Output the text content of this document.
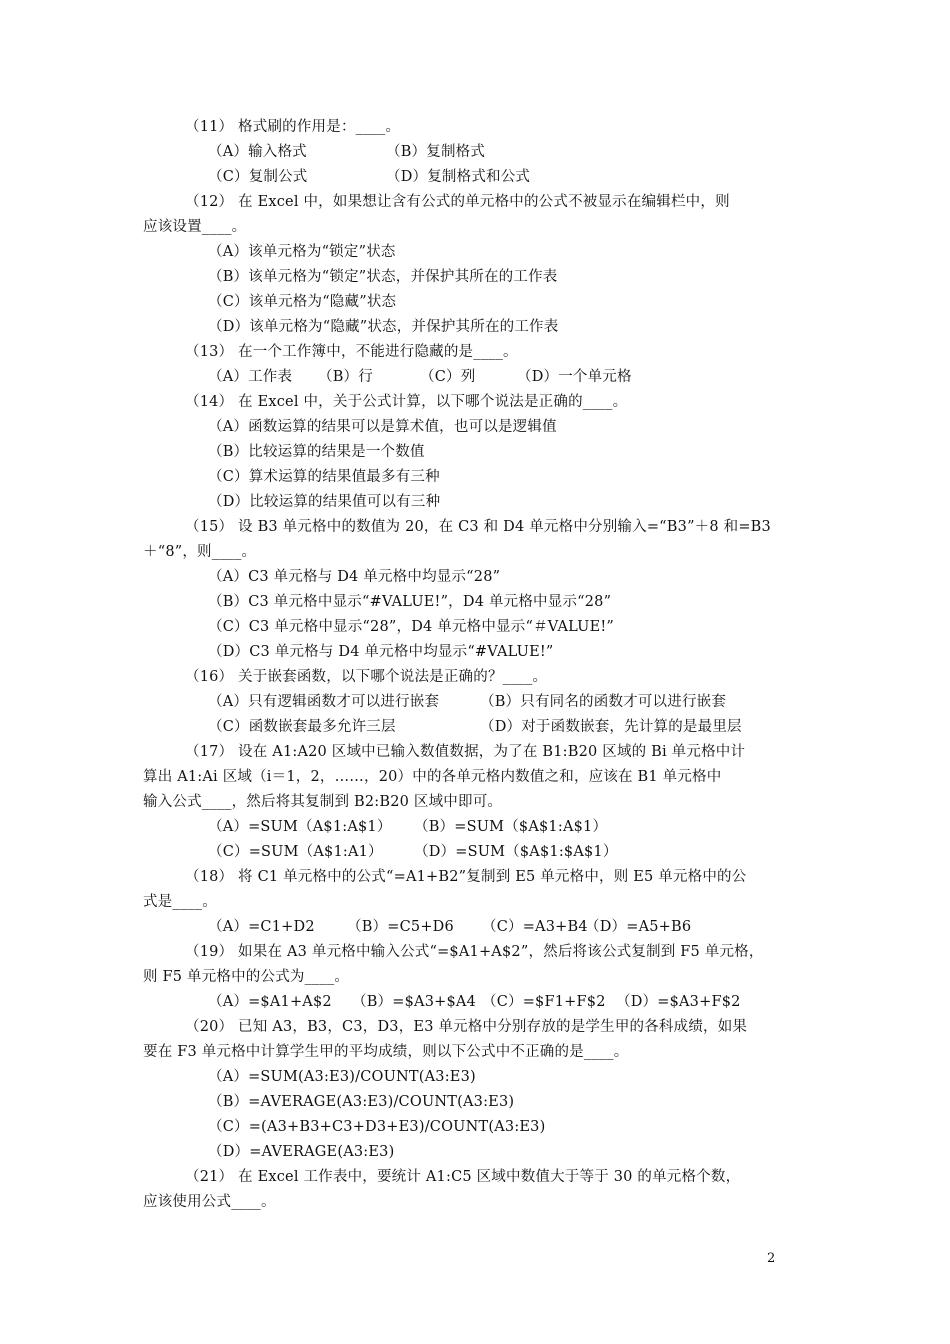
2
（11） 格式刷的作用是：____。
（A）输入格式	（B）复制格式
（C）复制公式	（D）复制格式和公式
（12） 在 Excel 中，如果想让含有公式的单元格中的公式不被显示在编辑栏中，则
应该设置____。
（A）该单元格为“锁定”状态
（B）该单元格为“锁定”状态，并保护其所在的工作表
（C）该单元格为“隐藏”状态
（D）该单元格为“隐藏”状态，并保护其所在的工作表
（13） 在一个工作簿中，不能进行隐藏的是____。
（A）工作表 （B）行	（C）列	（D）一个单元格
（14） 在 Excel 中，关于公式计算，以下哪个说法是正确的____。
（A）函数运算的结果可以是算术值，也可以是逻辑值
（B）比较运算的结果是一个数值
（C）算术运算的结果值最多有三种
（D）比较运算的结果值可以有三种
（15） 设 B3 单元格中的数值为 20，在 C3 和 D4 单元格中分别输入=“B3”＋8 和=B3
＋“8”，则____。
（A）C3 单元格与 D4 单元格中均显示“28”
（B）C3 单元格中显示“#VALUE!”，D4 单元格中显示“28”
（C）C3 单元格中显示“28”，D4 单元格中显示“＃VALUE!”
（D）C3 单元格与 D4 单元格中均显示“#VALUE!”
（16） 关于嵌套函数，以下哪个说法是正确的？____。
（A）只有逻辑函数才可以进行嵌套	（B）只有同名的函数才可以进行嵌套
（C）函数嵌套最多允许三层	（D）对于函数嵌套，先计算的是最里层
（17） 设在 A1:A20 区域中已输入数值数据，为了在 B1:B20 区域的 Bi 单元格中计
算出 A1:Ai 区域（i＝1，2，……，20）中的各单元格内数值之和，应该在 B1 单元格中
输入公式____，然后将其复制到 B2:B20 区域中即可。
（A）=SUM（A$1:A$1） （B）=SUM（$A$1:A$1）
（C）=SUM（A$1:A1） （D）=SUM（$A$1:$A$1）
（18） 将 C1 单元格中的公式“=A1+B2”复制到 E5 单元格中，则 E5 单元格中的公
式是____。
（A）=C1+D2 （B）=C5+D6 （C）=A3+B4
（D）=A5+B6
（19） 如果在 A3 单元格中输入公式“=$A1+A$2”，然后将该公式复制到 F5 单元格，
则 F5 单元格中的公式为____。
（A）=$A1+A$2 （B）=$A3+$A4 （C）=$F1+F$2 （D）=$A3+F$2
（20） 已知 A3，B3，C3，D3，E3 单元格中分别存放的是学生甲的各科成绩，如果
要在 F3 单元格中计算学生甲的平均成绩，则以下公式中不正确的是____。
（A）=SUM(A3:E3)/COUNT(A3:E3)
（B）=AVERAGE(A3:E3)/COUNT(A3:E3)
（C）=(A3+B3+C3+D3+E3)/COUNT(A3:E3)
（D）=AVERAGE(A3:E3)
（21） 在 Excel 工作表中，要统计 A1:C5 区域中数值大于等于 30 的单元格个数，
应该使用公式____。
